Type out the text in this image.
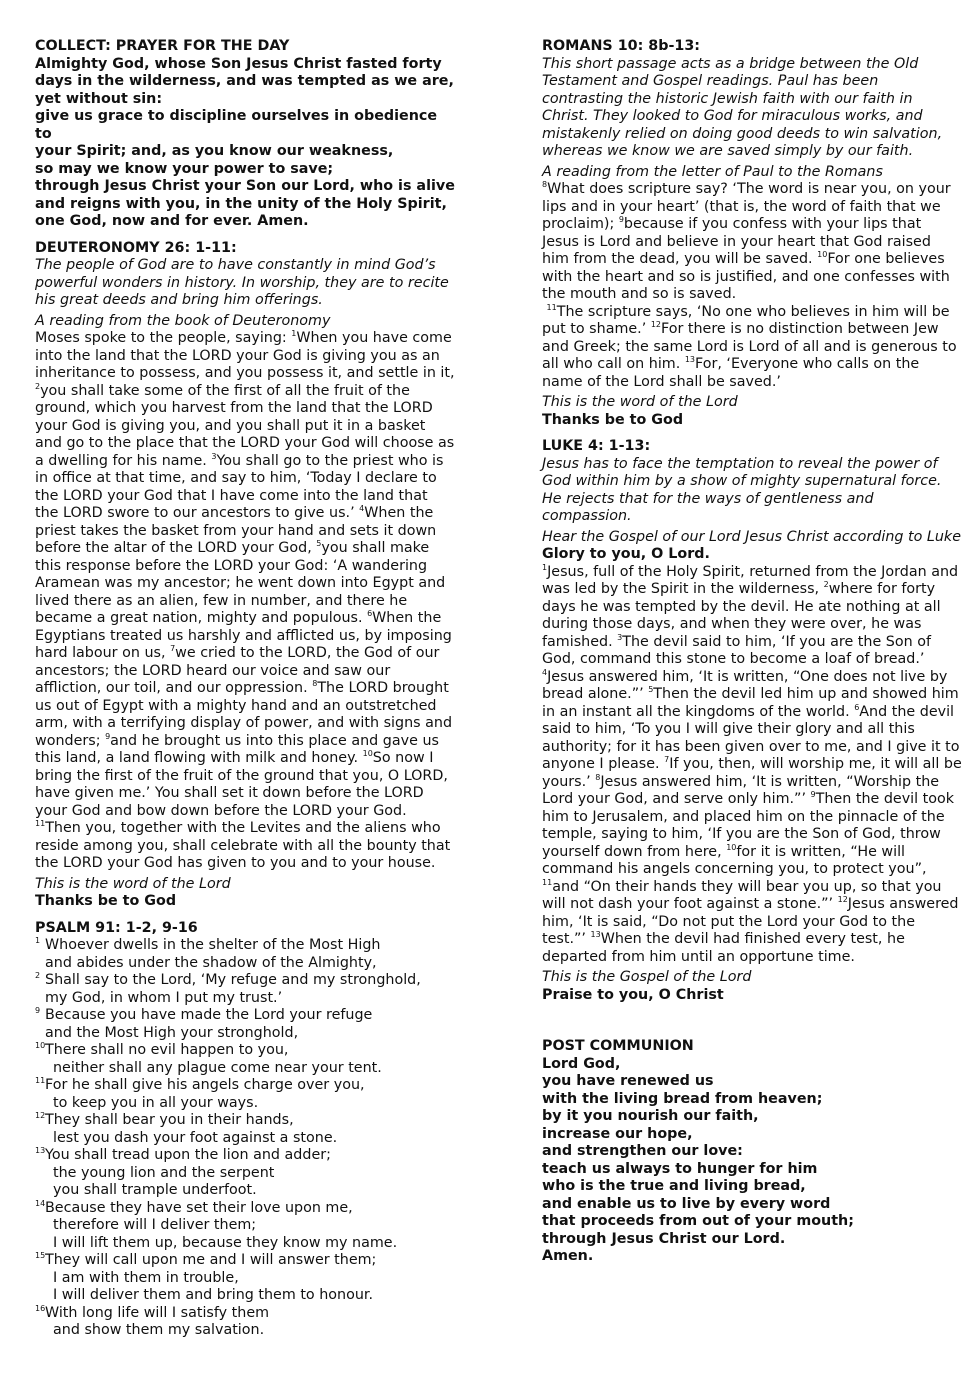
COLLECT: PRAYER FOR THE DAY
Almighty God, whose Son Jesus Christ fasted forty
days in the wilderness, and was tempted as we are,
yet without sin:
give us grace to discipline ourselves in obedience to
your Spirit; and, as you know our weakness,
so may we know your power to save;
through Jesus Christ your Son our Lord, who is alive
and reigns with you, in the unity of the Holy Spirit,
one God, now and for ever. Amen.
DEUTERONOMY 26: 1-11:
The people of God are to have constantly in mind God’s powerful wonders in history. In worship, they are to recite his great deeds and bring him offerings.
A reading from the book of Deuteronomy

Moses spoke to the people, saying: $^1$When you have come into the land that the LORD your God is giving you as an inheritance to possess, and you possess it, and settle in it, $^2$you shall take some of the first of all the fruit of the ground, which you harvest from the land that the LORD your God is giving you, and you shall put it in a basket and go to the place that the LORD your God will choose as a dwelling for his name. $^3$You shall go to the priest who is in office at that time, and say to him, ‘Today I declare to the LORD your God that I have come into the land that the LORD swore to our ancestors to give us.’ $^4$When the priest takes the basket from your hand and sets it down before the altar of the LORD your God, $^5$you shall make this response before the LORD your God: ‘A wandering Aramean was my ancestor; he went down into Egypt and lived there as an alien, few in number, and there he became a great nation, mighty and populous. $^6$When the Egyptians treated us harshly and afflicted us, by imposing hard labour on us, $^7$we cried to the LORD, the God of our ancestors; the LORD heard our voice and saw our affliction, our toil, and our oppression. $^8$The LORD brought us out of Egypt with a mighty hand and an outstretched arm, with a terrifying display of power, and with signs and wonders; $^9$and he brought us into this place and gave us this land, a land flowing with milk and honey. $^{10}$So now I bring the first of the fruit of the ground that you, O LORD, have given me.’ You shall set it down before the LORD your God and bow down before the LORD your God. $^{11}$Then you, together with the Levites and the aliens who reside among you, shall celebrate with all the bounty that the LORD your God has given to you and to your house.

This is the word of the Lord
Thanks be to God
PSALM 91: 1-2, 9-16
1 Whoever dwells in the shelter of the Most High
and abides under the shadow of the Almighty,
2 Shall say to the Lord, ‘My refuge and my stronghold,
my God, in whom I put my trust.’
9 Because you have made the Lord your refuge
and the Most High your stronghold,
10There shall no evil happen to you,
neither shall any plague come near your tent.
11For he shall give his angels charge over you,
to keep you in all your ways.
12They shall bear you in their hands,
lest you dash your foot against a stone.
13You shall tread upon the lion and adder;
the young lion and the serpent
you shall trample underfoot.
14Because they have set their love upon me,
therefore will I deliver them;
I will lift them up, because they know my name.
15They will call upon me and I will answer them;
I am with them in trouble,
I will deliver them and bring them to honour.
16With long life will I satisfy them
and show them my salvation.
ROMANS 10: 8b-13:
This short passage acts as a bridge between the Old Testament and Gospel readings. Paul has been contrasting the historic Jewish faith with our faith in Christ. They looked to God for miraculous works, and mistakenly relied on doing good deeds to win salvation, whereas we know we are saved simply by our faith.
A reading from the letter of Paul to the Romans

$^8$What does scripture say? ‘The word is near you, on your lips and in your heart’ (that is, the word of faith that we proclaim); $^9$because if you confess with your lips that Jesus is Lord and believe in your heart that God raised him from the dead, you will be saved. $^{10}$For one believes with the heart and so is justified, and one confesses with the mouth and so is saved.

$^{11}$The scripture says, ‘No one who believes in him will be put to shame.’ $^{12}$For there is no distinction between Jew and Greek; the same Lord is Lord of all and is generous to all who call on him. $^{13}$For, ‘Everyone who calls on the name of the Lord shall be saved.’

This is the word of the Lord
Thanks be to God
LUKE 4: 1-13:
Jesus has to face the temptation to reveal the power of God within him by a show of mighty supernatural force. He rejects that for the ways of gentleness and compassion.
Hear the Gospel of our Lord Jesus Christ according to Luke
Glory to you, O Lord.

$^1$Jesus, full of the Holy Spirit, returned from the Jordan and was led by the Spirit in the wilderness, $^2$where for forty days he was tempted by the devil. He ate nothing at all during those days, and when they were over, he was famished. $^3$The devil said to him, ‘If you are the Son of God, command this stone to become a loaf of bread.’ $^4$Jesus answered him, ‘It is written, “One does not live by bread alone.”’ $^5$Then the devil led him up and showed him in an instant all the kingdoms of the world. $^6$And the devil said to him, ‘To you I will give their glory and all this authority; for it has been given over to me, and I give it to anyone I please. $^7$If you, then, will worship me, it will all be yours.’ $^8$Jesus answered him, ‘It is written, “Worship the Lord your God, and serve only him.”’ $^9$Then the devil took him to Jerusalem, and placed him on the pinnacle of the temple, saying to him, ‘If you are the Son of God, throw yourself down from here, $^{10}$for it is written, “He will command his angels concerning you, to protect you”, $^{11}$and “On their hands they will bear you up, so that you will not dash your foot against a stone.”’ $^{12}$Jesus answered him, ‘It is said, “Do not put the Lord your God to the test.”’ $^{13}$When the devil had finished every test, he departed from him until an opportune time.

This is the Gospel of the Lord
Praise to you, O Christ
POST COMMUNION
Lord God,
you have renewed us
with the living bread from heaven;
by it you nourish our faith,
increase our hope,
and strengthen our love:
teach us always to hunger for him
who is the true and living bread,
and enable us to live by every word
that proceeds from out of your mouth;
through Jesus Christ our Lord.
Amen.
